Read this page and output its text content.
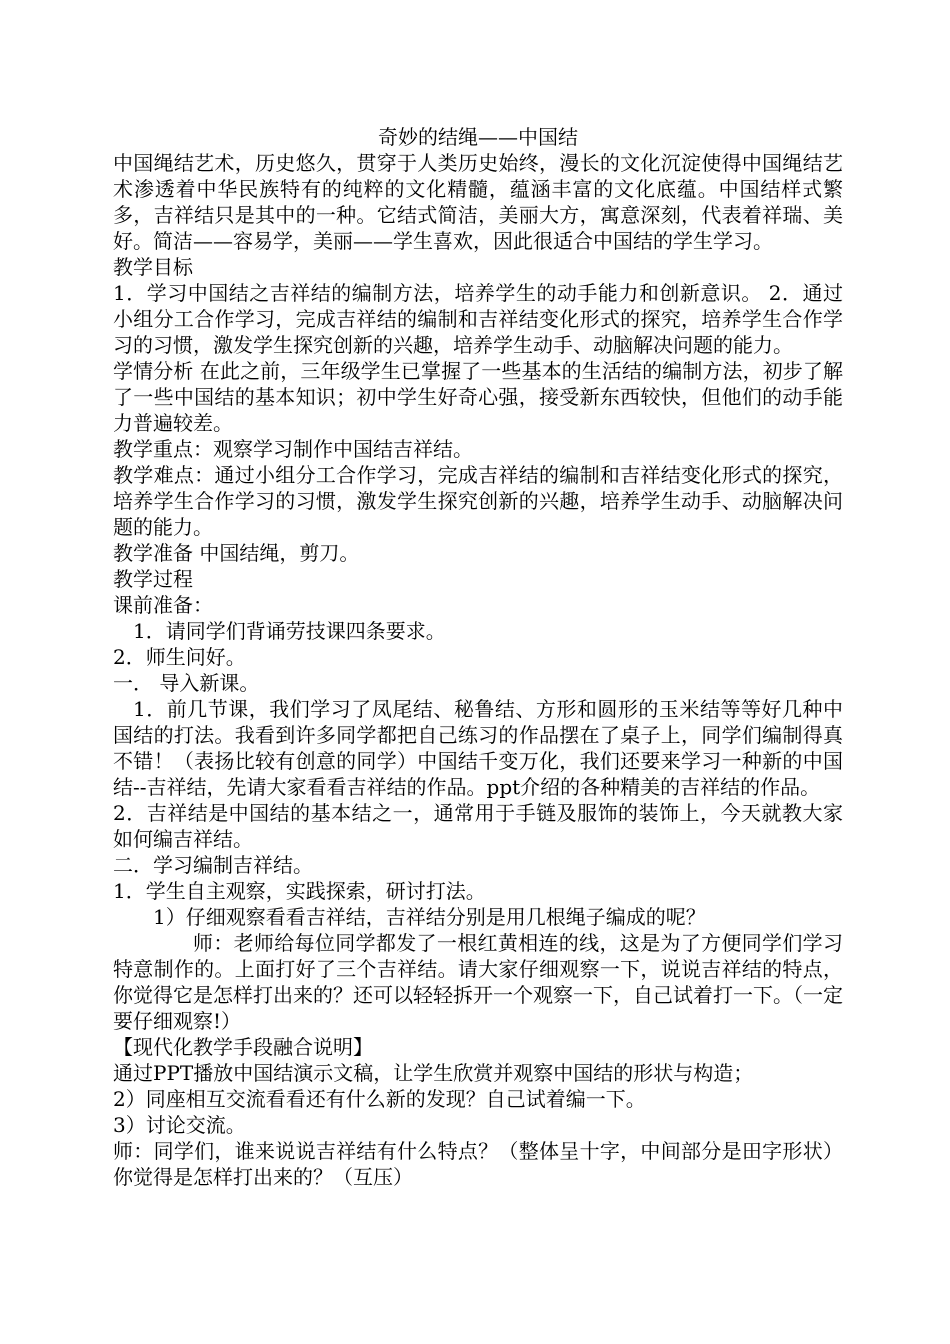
奇妙的结绳——中国结

中国绳结艺术，历史悠久，贯穿于人类历史始终，漫长的文化沉淀使得中国绳结艺术渗透着中华民族特有的纯粹的文化精髓，蕴涵丰富的文化底蕴。中国结样式繁多，吉祥结只是其中的一种。它结式简洁，美丽大方，寓意深刻，代表着祥瑞、美好。简洁——容易学，美丽——学生喜欢，因此很适合中国结的学生学习。

教学目标

1．学习中国结之吉祥结的编制方法，培养学生的动手能力和创新意识。 2．通过小组分工合作学习，完成吉祥结的编制和吉祥结变化形式的探究，培养学生合作学习的习惯，激发学生探究创新的兴趣，培养学生动手、动脑解决问题的能力。

学情分析 在此之前，三年级学生已掌握了一些基本的生活结的编制方法，初步了解了一些中国结的基本知识；初中学生好奇心强，接受新东西较快，但他们的动手能力普遍较差。

教学重点：观察学习制作中国结吉祥结。

教学难点：通过小组分工合作学习，完成吉祥结的编制和吉祥结变化形式的探究，培养学生合作学习的习惯，激发学生探究创新的兴趣，培养学生动手、动脑解决问题的能力。

教学准备 中国结绳，剪刀。

教学过程

课前准备：

1．请同学们背诵劳技课四条要求。

2．师生问好。

一． 导入新课。

1．前几节课，我们学习了凤尾结、秘鲁结、方形和圆形的玉米结等等好几种中国结的打法。我看到许多同学都把自己练习的作品摆在了桌子上，同学们编制得真不错！（表扬比较有创意的同学）中国结千变万化，我们还要来学习一种新的中国结--吉祥结，先请大家看看吉祥结的作品。ppt介绍的各种精美的吉祥结的作品。

2．吉祥结是中国结的基本结之一，通常用于手链及服饰的装饰上，今天就教大家如何编吉祥结。

二．学习编制吉祥结。

1．学生自主观察，实践探索，研讨打法。

1）仔细观察看看吉祥结，吉祥结分别是用几根绳子编成的呢？

师：老师给每位同学都发了一根红黄相连的线，这是为了方便同学们学习特意制作的。上面打好了三个吉祥结。请大家仔细观察一下，说说吉祥结的特点，你觉得它是怎样打出来的？还可以轻轻拆开一个观察一下，自己试着打一下。（一定要仔细观察!）

【现代化教学手段融合说明】

通过PPT播放中国结演示文稿，让学生欣赏并观察中国结的形状与构造；

2）同座相互交流看看还有什么新的发现？自己试着编一下。

3）讨论交流。

师：同学们，谁来说说吉祥结有什么特点？（整体呈十字，中间部分是田字形状） 你觉得是怎样打出来的？（互压）
